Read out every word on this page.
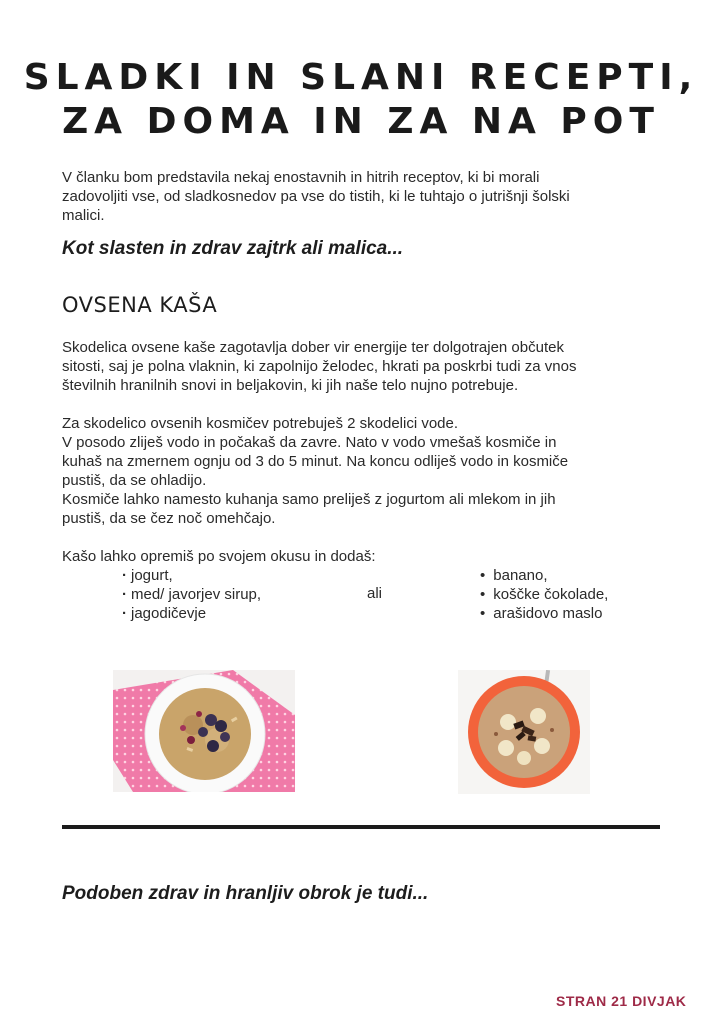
SLADKI IN SLANI RECEPTI,
ZA DOMA IN ZA NA POT
V članku bom predstavila nekaj enostavnih in hitrih receptov, ki bi morali
zadovoljiti vse, od sladkosnedov pa vse do tistih, ki le tuhtajo o jutrišnji šolski
malici.
Kot slasten in zdrav zajtrk ali malica...
OVSENA KAŠA
Skodelica ovsene kaše zagotavlja dober vir energije ter dolgotrajen občutek
sitosti, saj je polna vlaknin, ki zapolnijo želodec, hkrati pa poskrbi tudi za vnos
številnih hranilnih snovi in beljakovin, ki jih naše telo nujno potrebuje.
Za skodelico ovsenih kosmičev potrebuješ 2 skodelici vode.
V posodo zliješ vodo in počakaš da zavre. Nato v vodo vmešaš kosmiče in
kuhaš na zmernem ognju od 3 do 5 minut. Na koncu odliješ vodo in kosmiče
pustiš, da se ohladijo.
Kosmiče lahko namesto kuhanja samo preliješ z jogurtom ali mlekom in jih
pustiš, da se čez noč omehčajo.
Kašo lahko opremiš po svojem okusu in dodaš:
· jogurt,
· med/ javorjev sirup,
· jagodičevje
ali
• banano,
• koščke čokolade,
• arašidovo maslo
Podoben zdrav in hranljiv obrok je tudi...
STRAN 21 DIVJAK
